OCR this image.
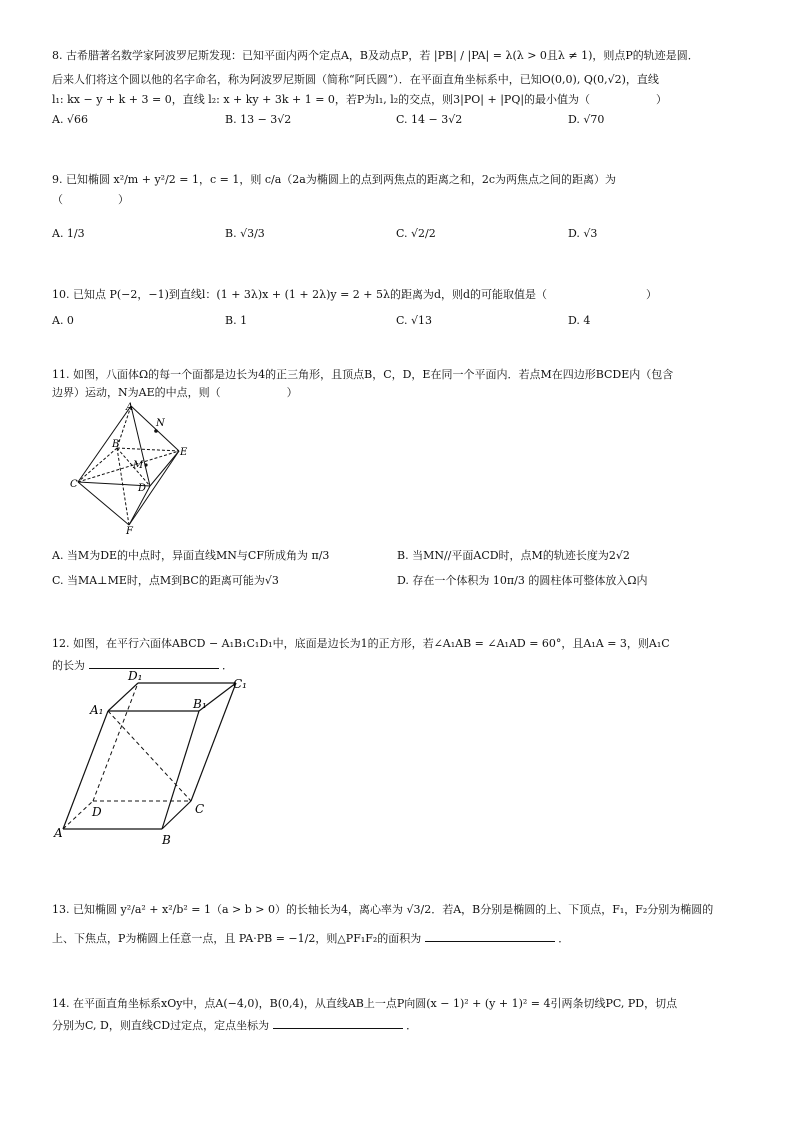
8. 古希腊著名数学家阿波罗尼斯发现：已知平面内两个定点A，B及动点P，若 |PB| / |PA| = λ(λ > 0且λ ≠ 1)，则点P的轨迹是圆．
后来人们将这个圆以他的名字命名，称为阿波罗尼斯圆（简称“阿氏圆”）．在平面直角坐标系中，已知O(0,0), Q(0,√2)，直线
l₁: kx − y + k + 3 = 0，直线 l₂: x + ky + 3k + 1 = 0，若P为l₁, l₂的交点，则3|PO| + |PQ|的最小值为（　　　　　　）
A. √66	B. 13 − 3√2	C. 14 − 3√2	D. √70
9. 已知椭圆 x²/m + y²/2 = 1，c = 1，则 c/a（2a为椭圆上的点到两焦点的距离之和，2c为两焦点之间的距离）为
（　　　　　）
A. 1/3	B. √3/3	C. √2/2	D. √3
10. 已知点 P(−2，−1)到直线l：(1 + 3λ)x + (1 + 2λ)y = 2 + 5λ的距离为d，则d的可能取值是（　　　　　　　　　）
A. 0	B. 1	C. √13	D. 4
11. 如图，八面体Ω的每一个面都是边长为4的正三角形，且顶点B，C，D，E在同一个平面内．若点M在四边形BCDE内（包含
边界）运动，N为AE的中点，则（　　　　　　）
A
N
B
E
M
C	D
F
A. 当M为DE的中点时，异面直线MN与CF所成角为 π/3	B. 当MN//平面ACD时，点M的轨迹长度为2√2
C. 当MA⊥ME时，点M到BC的距离可能为√3	D. 存在一个体积为 10π/3 的圆柱体可整体放入Ω内
12. 如图，在平行六面体ABCD − A₁B₁C₁D₁中，底面是边长为1的正方形，若∠A₁AB = ∠A₁AD = 60°，且A₁A = 3，则A₁C
的长为	．
D₁
C₁
A₁	B₁
D	C
A	B
13. 已知椭圆 y²/a² + x²/b² = 1（a > b > 0）的长轴长为4，离心率为 √3/2．若A，B分别是椭圆的上、下顶点，F₁，F₂分别为椭圆的
上、下焦点，P为椭圆上任意一点，且 PA·PB = −1/2，则△PF₁F₂的面积为	．
14. 在平面直角坐标系xOy中，点A(−4,0)，B(0,4)，从直线AB上一点P向圆(x − 1)² + (y + 1)² = 4引两条切线PC, PD，切点
分别为C, D，则直线CD过定点，定点坐标为	．
